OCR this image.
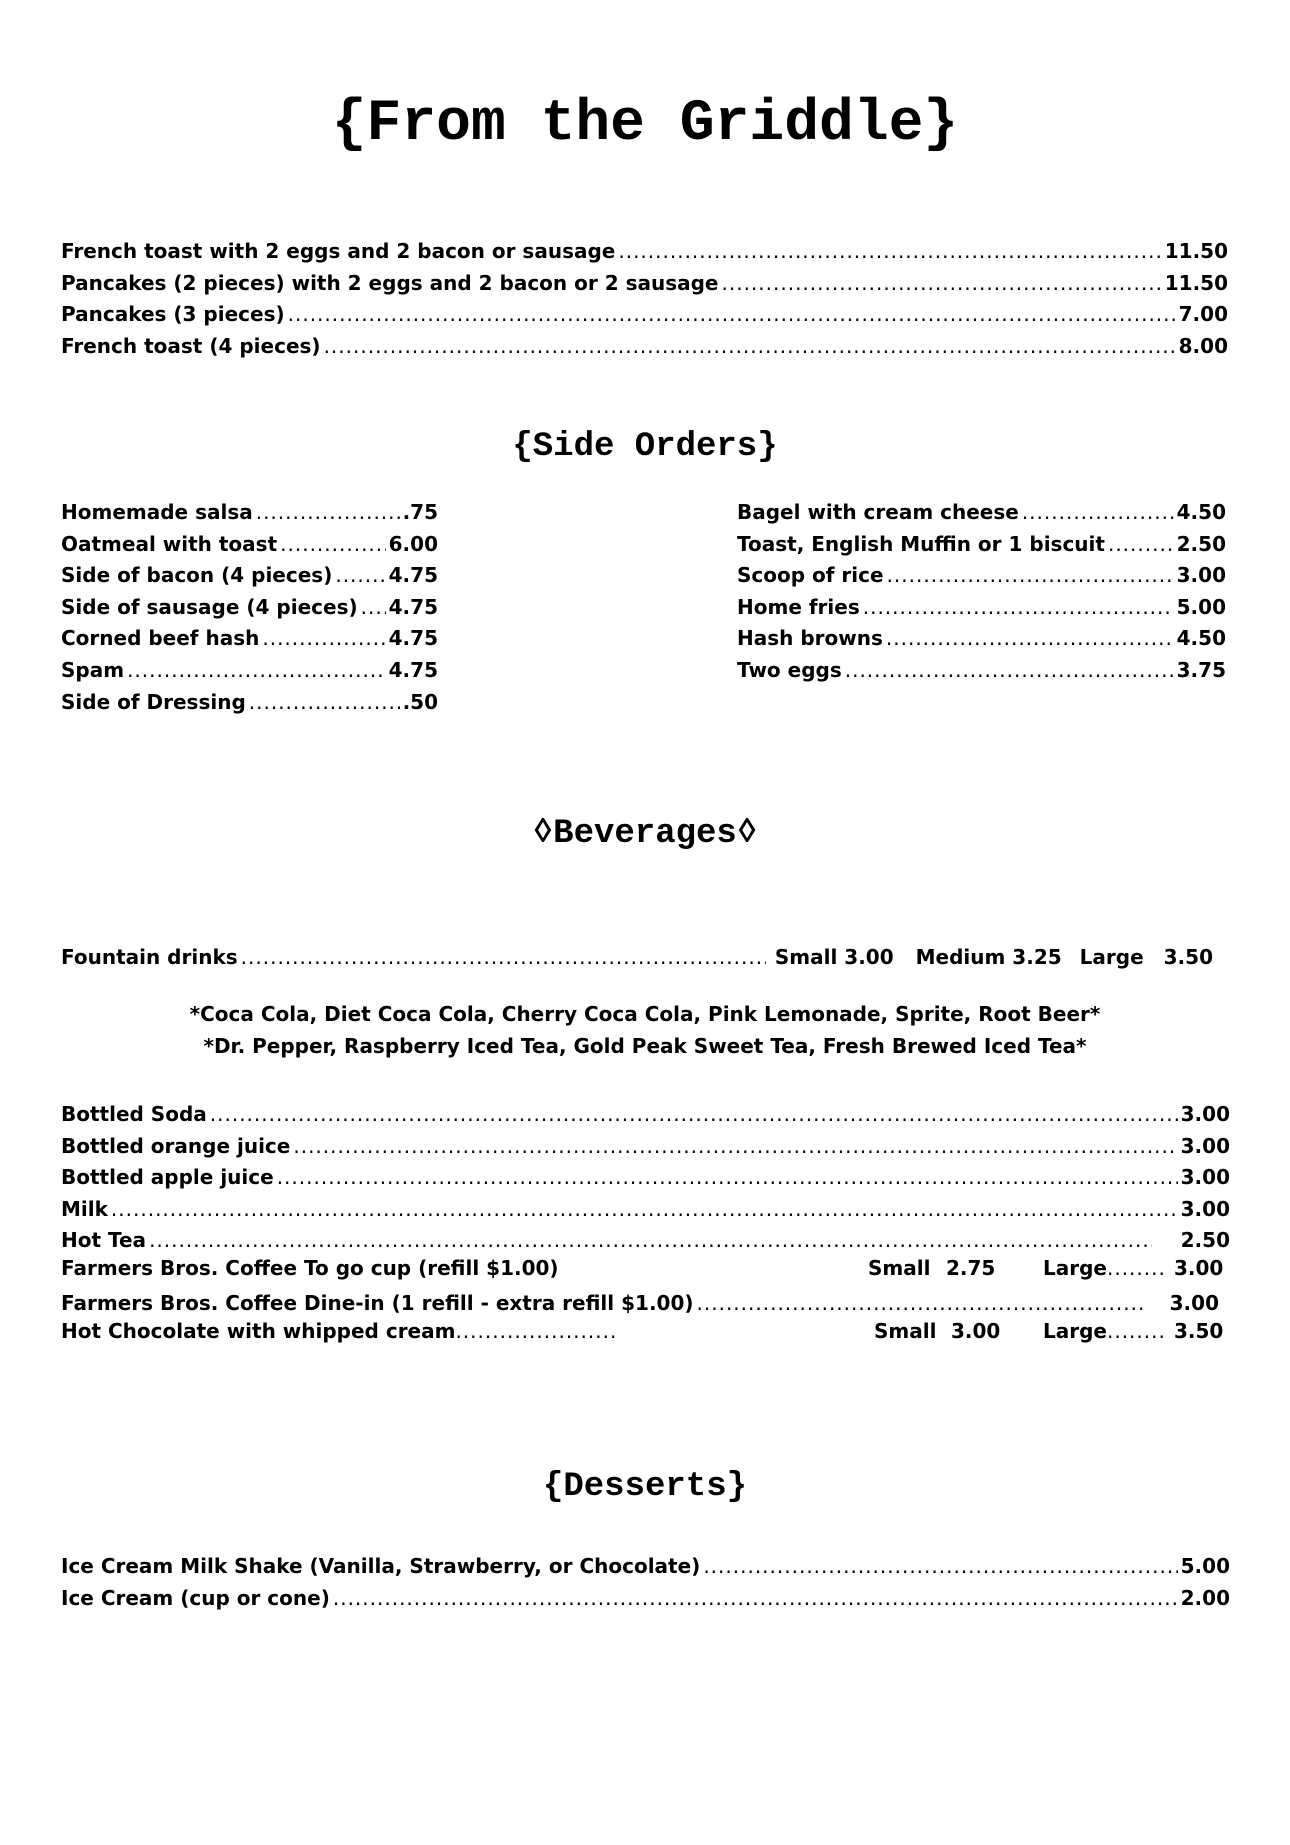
{From the Griddle}
French toast with 2 eggs and 2 bacon or sausage .....	11.50
Pancakes (2 pieces) with 2 eggs and 2 bacon or 2 sausage .....	11.50
Pancakes (3 pieces) .....	7.00
French toast (4 pieces) .....	8.00
{Side Orders}
Homemade salsa .....	.75
Oatmeal with toast .....	6.00
Side of bacon (4 pieces) .....	4.75
Side of sausage (4 pieces) ..... 4.75
Corned beef hash .....	4.75
Spam .....	4.75
Side of Dressing .....	.50
Bagel with cream cheese .....	4.50
Toast, English Muffin or 1 biscuit .....	2.50
Scoop of rice .....	3.00
Home fries .....	5.00
Hash browns .....	4.50
Two eggs .....	3.75
◊Beverages◊
Fountain drinks .....	Small 3.00 Medium 3.25 Large 3.50
*Coca Cola, Diet Coca Cola, Cherry Coca Cola, Pink Lemonade, Sprite, Root Beer*
*Dr. Pepper, Raspberry Iced Tea, Gold Peak Sweet Tea, Fresh Brewed Iced Tea*
Bottled Soda .....	3.00
Bottled orange juice .....	3.00
Bottled apple juice .....	3.00
Milk .....	3.00
Hot Tea .....	2.50
Farmers Bros. Coffee To go cup (refill $1.00)	Small 2.75 Large........ 3.00
Farmers Bros. Coffee Dine-in (1 refill - extra refill $1.00) .....	3.00
Hot Chocolate with whipped cream......................	Small 3.00 Large........ 3.50
{Desserts}
Ice Cream Milk Shake (Vanilla, Strawberry, or Chocolate) .....	5.00
Ice Cream (cup or cone) .....	2.00
